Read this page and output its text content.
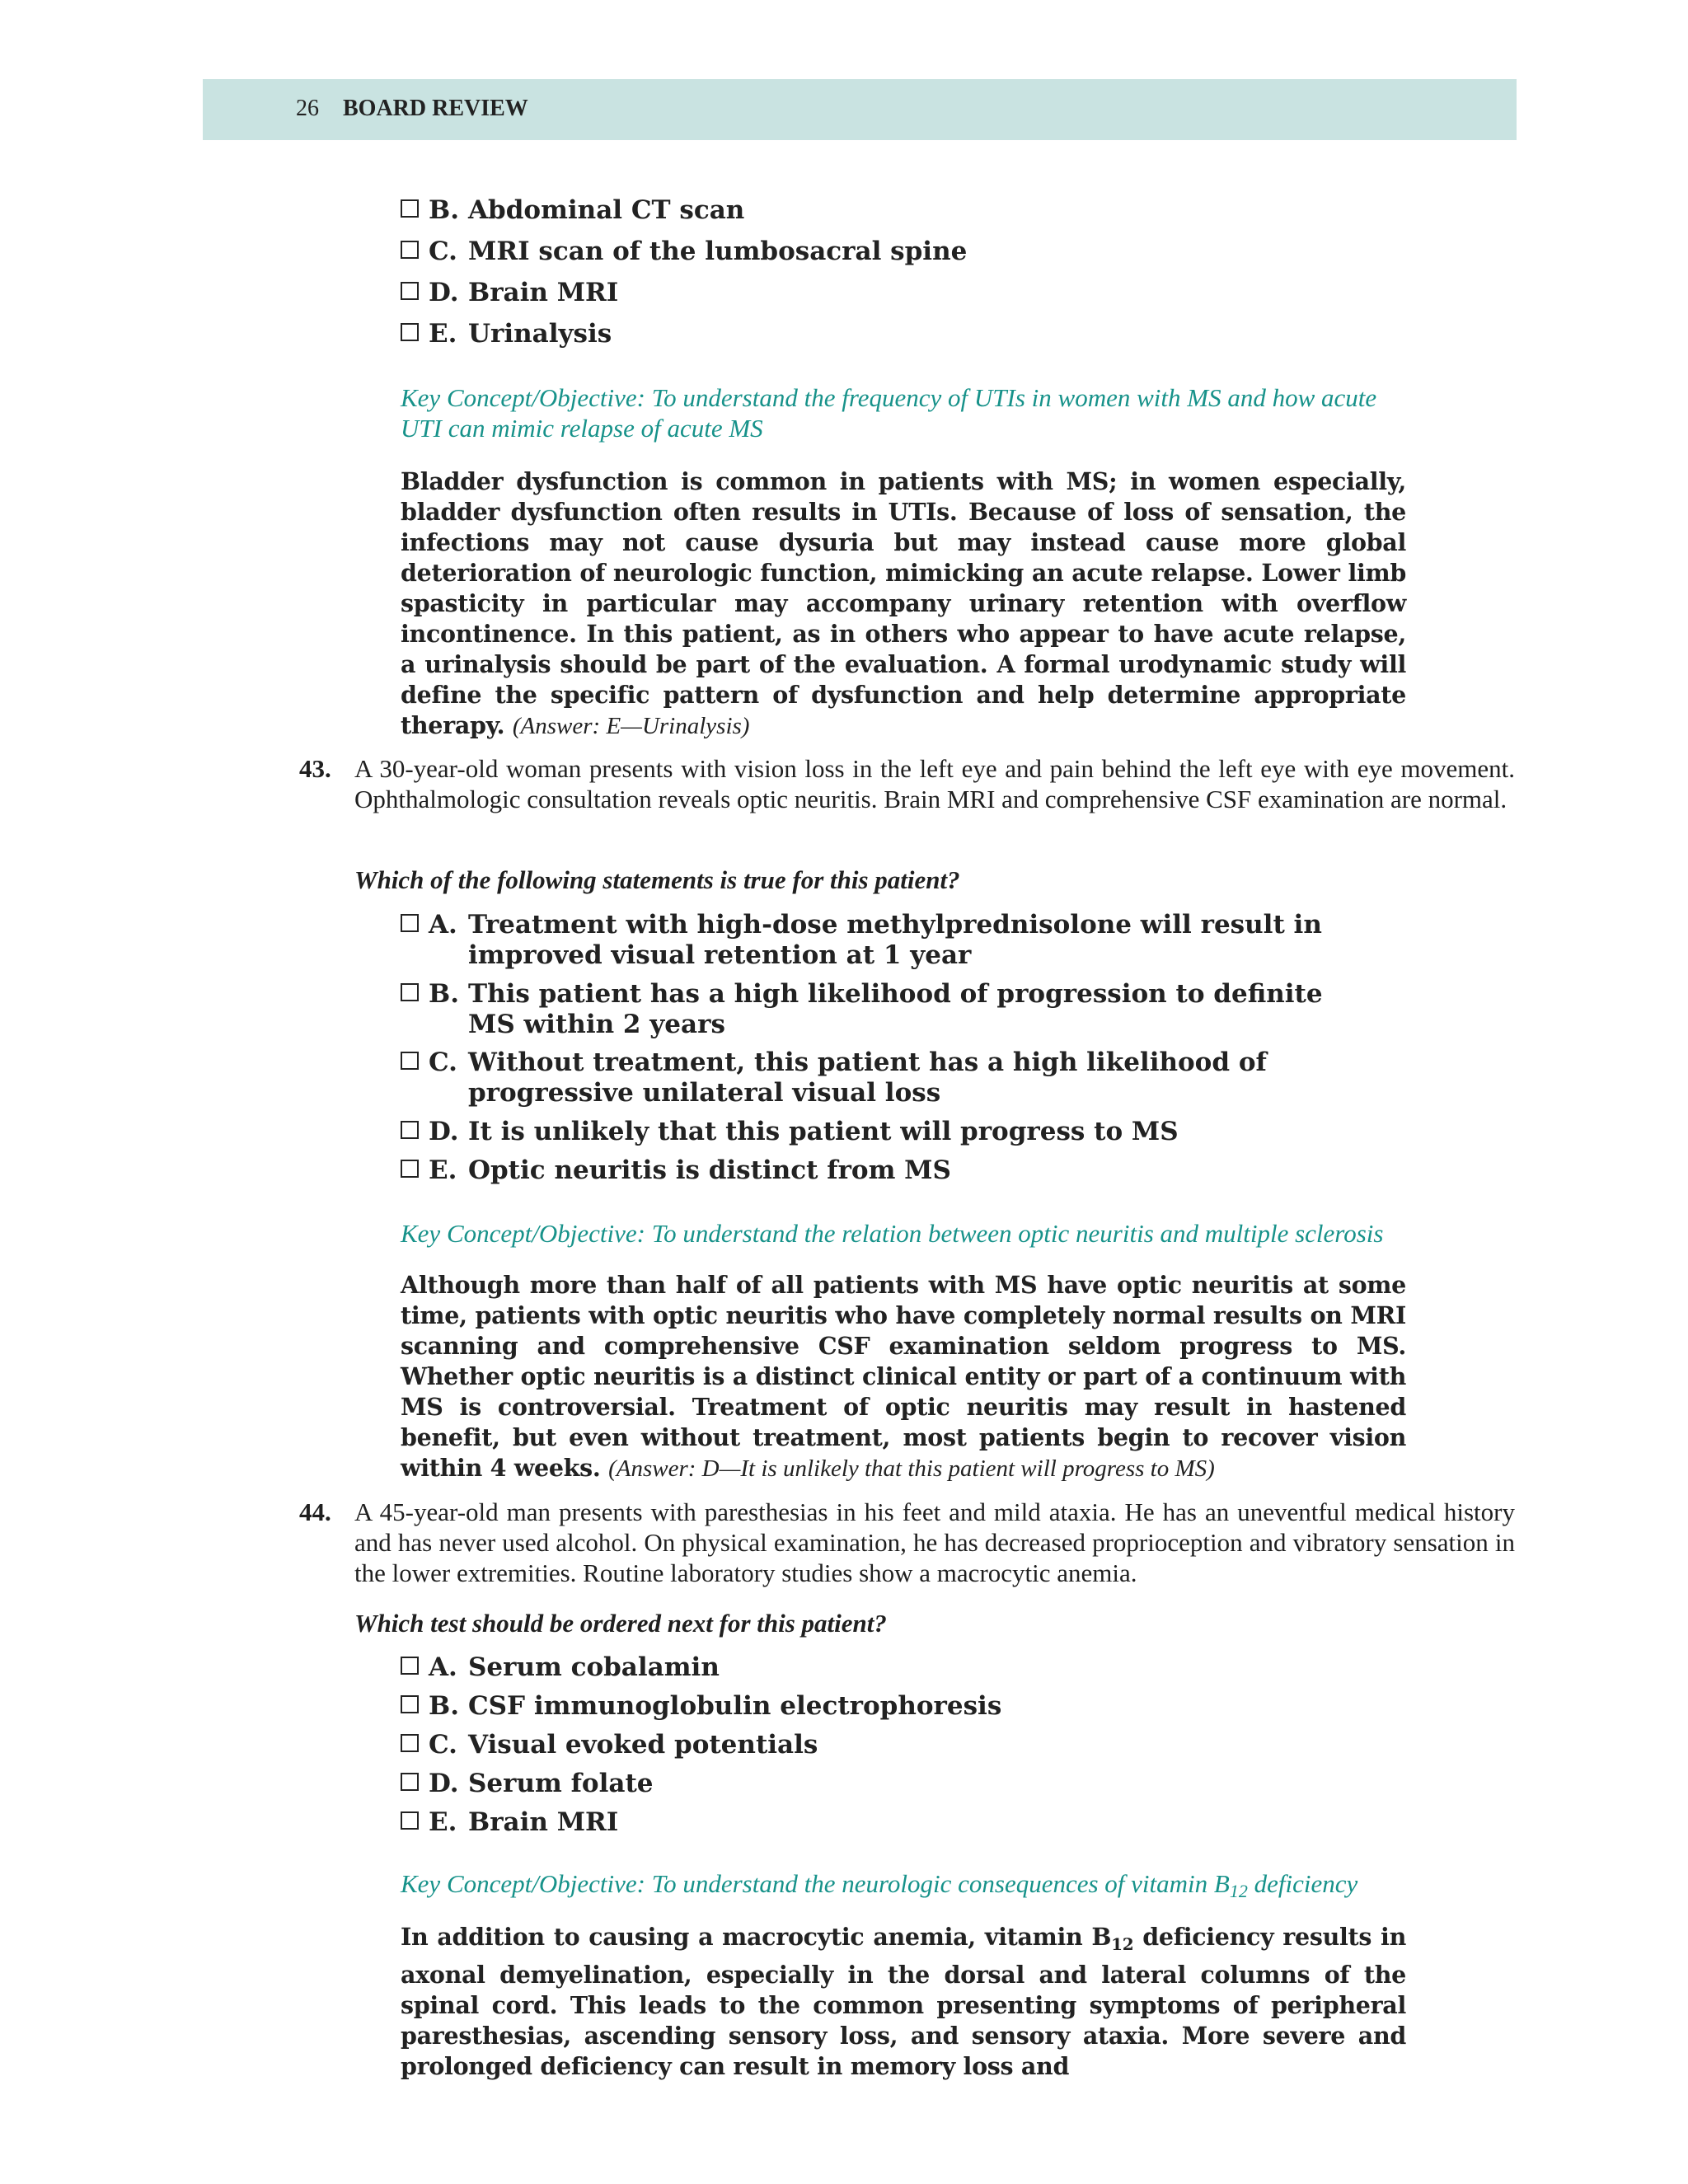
26 BOARD REVIEW
B. Abdominal CT scan
C. MRI scan of the lumbosacral spine
D. Brain MRI
E. Urinalysis
Key Concept/Objective: To understand the frequency of UTIs in women with MS and how acute UTI can mimic relapse of acute MS
Bladder dysfunction is common in patients with MS; in women especially, bladder dysfunction often results in UTIs. Because of loss of sensation, the infections may not cause dysuria but may instead cause more global deterioration of neurologic function, mimicking an acute relapse. Lower limb spasticity in particular may accompany urinary retention with overflow incontinence. In this patient, as in others who appear to have acute relapse, a urinalysis should be part of the evaluation. A formal urodynamic study will define the specific pattern of dysfunction and help determine appropriate therapy. (Answer: E—Urinalysis)
43. A 30-year-old woman presents with vision loss in the left eye and pain behind the left eye with eye movement. Ophthalmologic consultation reveals optic neuritis. Brain MRI and comprehensive CSF examination are normal.
Which of the following statements is true for this patient?
A. Treatment with high-dose methylprednisolone will result in improved visual retention at 1 year
B. This patient has a high likelihood of progression to definite MS within 2 years
C. Without treatment, this patient has a high likelihood of progressive unilateral visual loss
D. It is unlikely that this patient will progress to MS
E. Optic neuritis is distinct from MS
Key Concept/Objective: To understand the relation between optic neuritis and multiple sclerosis
Although more than half of all patients with MS have optic neuritis at some time, patients with optic neuritis who have completely normal results on MRI scanning and comprehensive CSF examination seldom progress to MS. Whether optic neuritis is a distinct clinical entity or part of a continuum with MS is controversial. Treatment of optic neuritis may result in hastened benefit, but even without treatment, most patients begin to recover vision within 4 weeks. (Answer: D—It is unlikely that this patient will progress to MS)
44. A 45-year-old man presents with paresthesias in his feet and mild ataxia. He has an uneventful medical history and has never used alcohol. On physical examination, he has decreased proprioception and vibratory sensation in the lower extremities. Routine laboratory studies show a macrocytic anemia.
Which test should be ordered next for this patient?
A. Serum cobalamin
B. CSF immunoglobulin electrophoresis
C. Visual evoked potentials
D. Serum folate
E. Brain MRI
Key Concept/Objective: To understand the neurologic consequences of vitamin $B_{12}$ deficiency
In addition to causing a macrocytic anemia, vitamin $B_{12}$ deficiency results in axonal demyelination, especially in the dorsal and lateral columns of the spinal cord. This leads to the common presenting symptoms of peripheral paresthesias, ascending sensory loss, and sensory ataxia. More severe and prolonged deficiency can result in memory loss and
